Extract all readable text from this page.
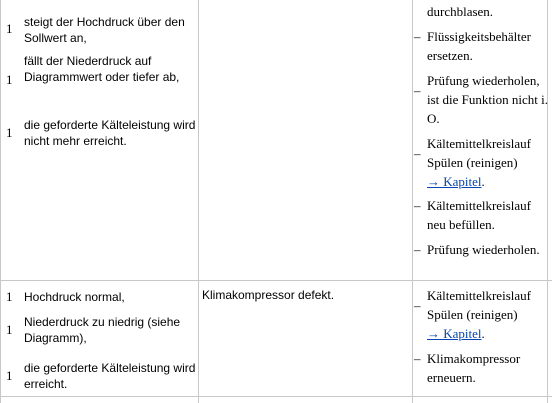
1 steigt der Hochdruck über den Sollwert an,
1
fällt der Niederdruck auf Diagrammwert oder tiefer ab,
1 die geforderte Kälteleistung wird nicht mehr erreicht.
durchblasen.
– Flüssigkeitsbehälter ersetzen.
–
Prüfung wiederholen, ist die Funktion nicht i. O.
–
Kältemittelkreislauf Spülen (reinigen)
→ Kapitel.
– Kältemittelkreislauf neu befüllen.
– Prüfung wiederholen.
1 Hochdruck normal,
1 Niederdruck zu niedrig (siehe Diagramm),
1 die geforderte Kälteleistung wird erreicht.
Klimakompressor defekt.
–
Kältemittelkreislauf Spülen (reinigen)
→ Kapitel.
– Klimakompressor erneuern.
